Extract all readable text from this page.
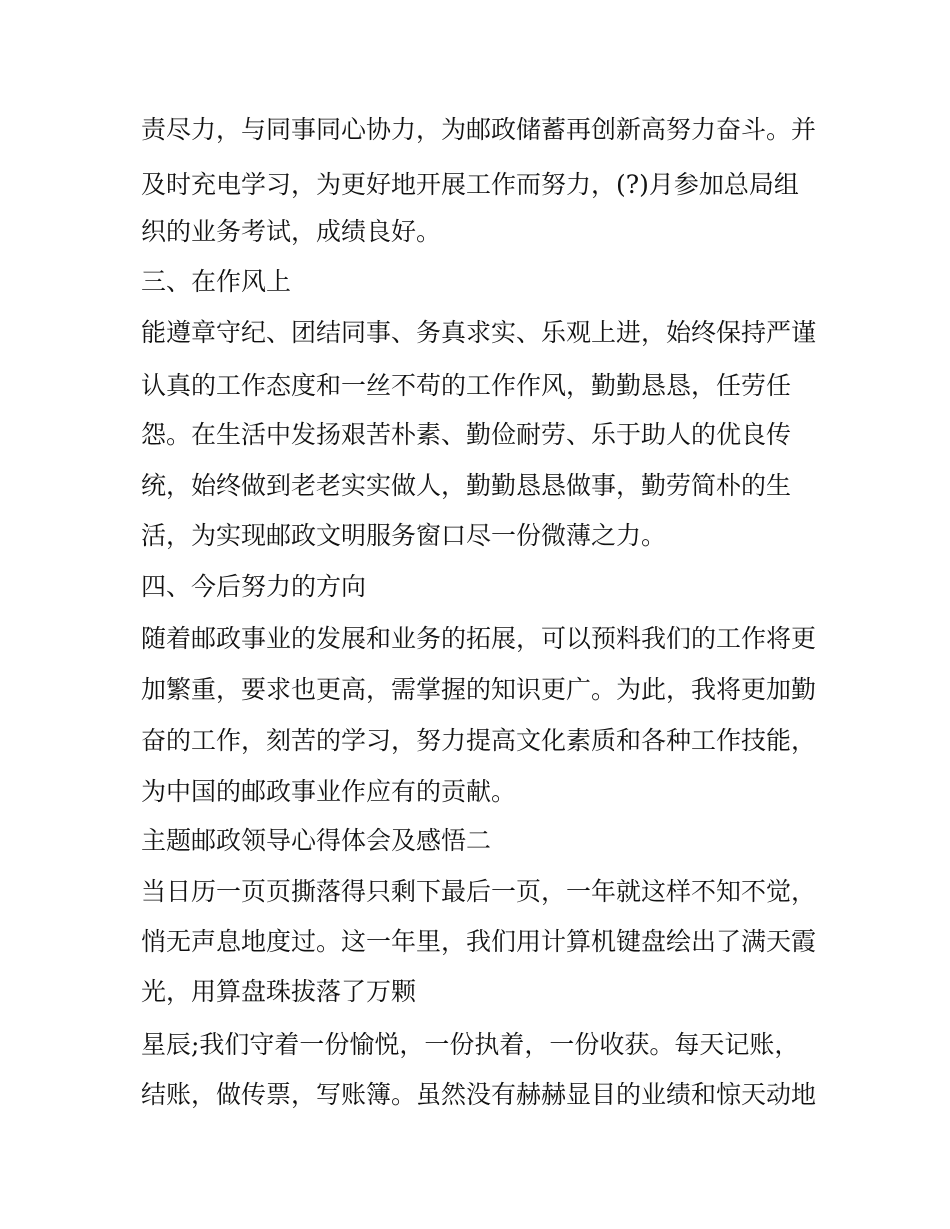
责尽力，与同事同心协力，为邮政储蓄再创新高努力奋斗。并
及时充电学习，为更好地开展工作而努力，(?)月参加总局组
织的业务考试，成绩良好。
三、在作风上
能遵章守纪、团结同事、务真求实、乐观上进，始终保持严谨
认真的工作态度和一丝不苟的工作作风，勤勤恳恳，任劳任
怨。在生活中发扬艰苦朴素、勤俭耐劳、乐于助人的优良传
统，始终做到老老实实做人，勤勤恳恳做事，勤劳简朴的生
活，为实现邮政文明服务窗口尽一份微薄之力。
四、今后努力的方向
随着邮政事业的发展和业务的拓展，可以预料我们的工作将更
加繁重，要求也更高，需掌握的知识更广。为此，我将更加勤
奋的工作，刻苦的学习，努力提高文化素质和各种工作技能，
为中国的邮政事业作应有的贡献。
主题邮政领导心得体会及感悟二
当日历一页页撕落得只剩下最后一页，一年就这样不知不觉，
悄无声息地度过。这一年里，我们用计算机键盘绘出了满天霞
光，用算盘珠拔落了万颗
星辰;我们守着一份愉悦，一份执着，一份收获。每天记账，
结账，做传票，写账簿。虽然没有赫赫显目的业绩和惊天动地
